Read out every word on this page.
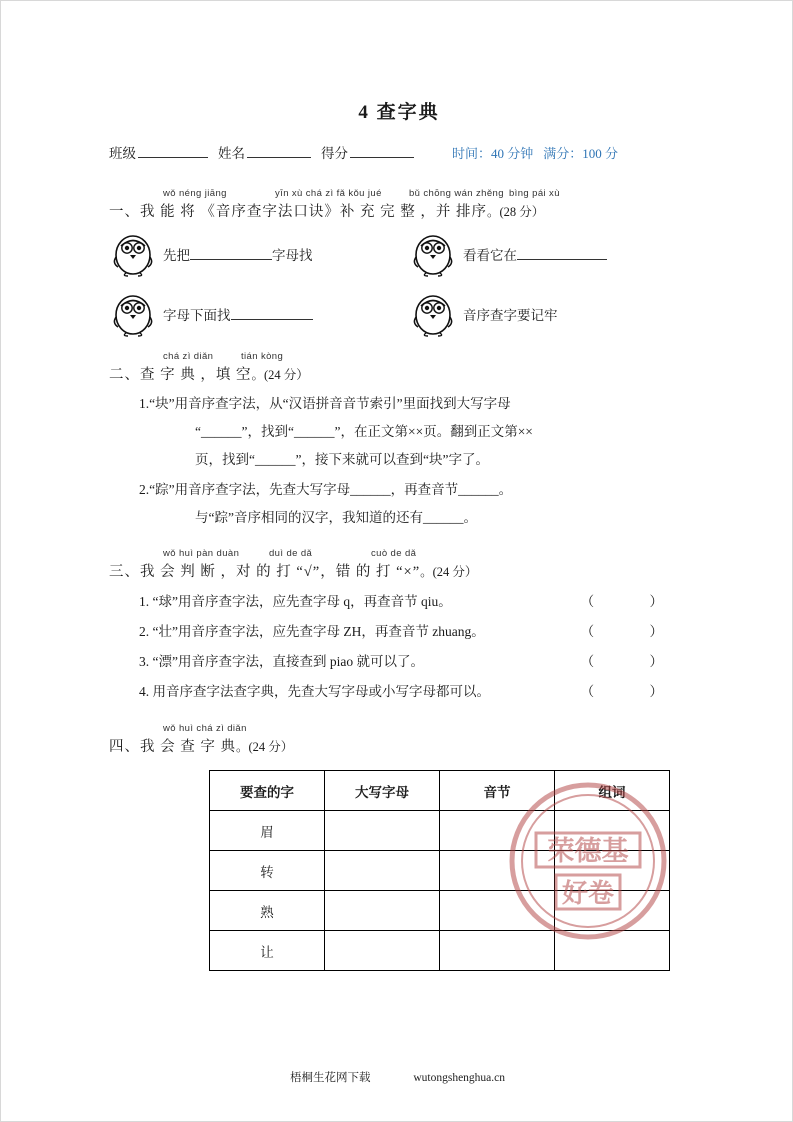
4 查字典
班级	姓名	得分	时间：40 分钟 满分：100 分
wǒ néng jiāng	yīn xù chá zì fǎ kǒu jué	bǔ chōng wán zhěng bìng pái xù
一、我 能 将 《音序查字法口诀》补 充 完 整 ，并 排序。(28 分）
先把	字母找	看看它在
字母下面找	音序查字要记牢
chá zì diǎn	tián kòng
二、查 字 典 ，填 空。(24 分）
1.“块”用音序查字法，从“汉语拼音音节索引”里面找到大写字母
“______”，找到“______”，在正文第××页。翻到正文第××
页，找到“______”，接下来就可以查到“块”字了。
2.“踪”用音序查字法，先查大写字母______，再查音节______。
与“踪”音序相同的汉字，我知道的还有______。
wǒ huì pàn duàn	duì de dǎ	cuò de dǎ
三、我 会 判 断 ，对 的 打 “√”，错 的 打 “×”。(24 分）
1. “球”用音序查字法，应先查字母 q，再查音节 qiu。	（ ）
2. “壮”用音序查字法，应先查字母 ZH，再查音节 zhuang。	（ ）
3. “漂”用音序查字法，直接查到 piao 就可以了。	（ ）
4. 用音序查字法查字典，先查大写字母或小写字母都可以。	（ ）
wǒ huì chá zì diǎn
四、我 会 查 字 典。(24 分）
要查的字	大写字母	音节	组词
眉			
转			
熟			
让			
荣德基
好卷
梧桐生花网下载	wutongshenghua.cn
